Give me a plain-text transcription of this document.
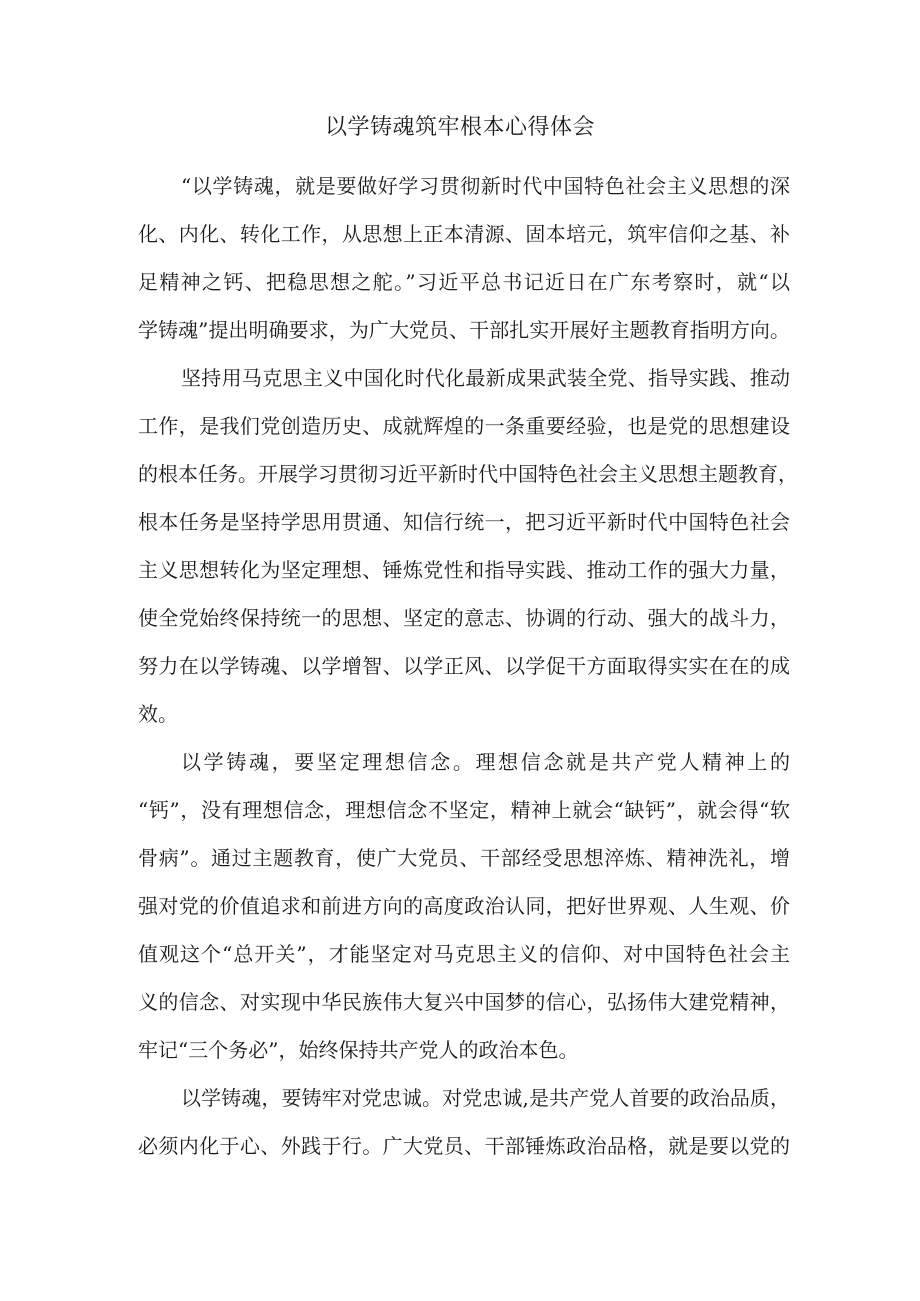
以学铸魂筑牢根本心得体会
“以学铸魂，就是要做好学习贯彻新时代中国特色社会主义思想的深
化、内化、转化工作，从思想上正本清源、固本培元，筑牢信仰之基、补
足精神之钙、把稳思想之舵。”习近平总书记近日在广东考察时，就“以
学铸魂”提出明确要求，为广大党员、干部扎实开展好主题教育指明方向。
坚持用马克思主义中国化时代化最新成果武装全党、指导实践、推动
工作，是我们党创造历史、成就辉煌的一条重要经验，也是党的思想建设
的根本任务。开展学习贯彻习近平新时代中国特色社会主义思想主题教育，
根本任务是坚持学思用贯通、知信行统一，把习近平新时代中国特色社会
主义思想转化为坚定理想、锤炼党性和指导实践、推动工作的强大力量，
使全党始终保持统一的思想、坚定的意志、协调的行动、强大的战斗力，
努力在以学铸魂、以学增智、以学正风、以学促干方面取得实实在在的成
效。
以学铸魂，要坚定理想信念。理想信念就是共产党人精神上的
“钙”，没有理想信念，理想信念不坚定，精神上就会“缺钙”，就会得“软
骨病”。通过主题教育，使广大党员、干部经受思想淬炼、精神洗礼，增
强对党的价值追求和前进方向的高度政治认同，把好世界观、人生观、价
值观这个“总开关”，才能坚定对马克思主义的信仰、对中国特色社会主
义的信念、对实现中华民族伟大复兴中国梦的信心，弘扬伟大建党精神，
牢记“三个务必”，始终保持共产党人的政治本色。
以学铸魂，要铸牢对党忠诚。对党忠诚,是共产党人首要的政治品质，
必须内化于心、外践于行。广大党员、干部锤炼政治品格，就是要以党的
